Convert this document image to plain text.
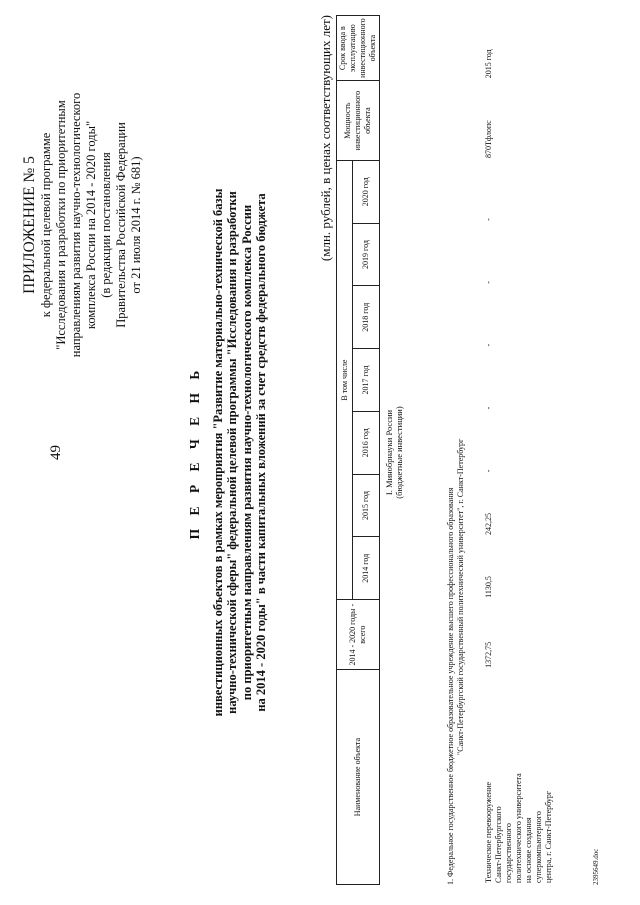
49
ПРИЛОЖЕНИЕ № 5 к федеральной целевой программе "Исследования и разработки по приоритетным направлениям развития научно-технологического комплекса России на 2014 - 2020 годы" (в редакции постановления Правительства Российской Федерации от 21 июля 2014 г. № 681)
П Е Р Е Ч Е Н Ь инвестиционных объектов в рамках мероприятия "Развитие материально-технической базы научно-технической сферы" федеральной целевой программы "Исследования и разработки по приоритетным направлениям развития научно-технологического комплекса России на 2014 - 2020 годы" в части капитальных вложений за счет средств федерального бюджета
(млн. рублей, в ценах соответствующих лет)
Наименование объекта	2014 - 2020 годы - всего	В том числе							Мощность инвестиционного объекта	Срок ввода в эксплуатацию инвестиционного объекта
		2014 год	2015 год	2016 год	2017 год	2018 год	2019 год	2020 год		
I. Минобрнауки России (бюджетные инвестиции)
1. Федеральное государственное бюджетное образовательное учреждение высшего профессионального образования "Санкт-Петербургский государственный политехнический университет", г. Санкт-Петербург
Техническое перевооружение Санкт-Петербургского государственного политехнического университета на основе создания суперкомпьютерного центра, г. Санкт-Петербург
	1372,75	1130,5	242,25	-	-	-	-	-	870Тфлопс	2015 год
2395649.doc
